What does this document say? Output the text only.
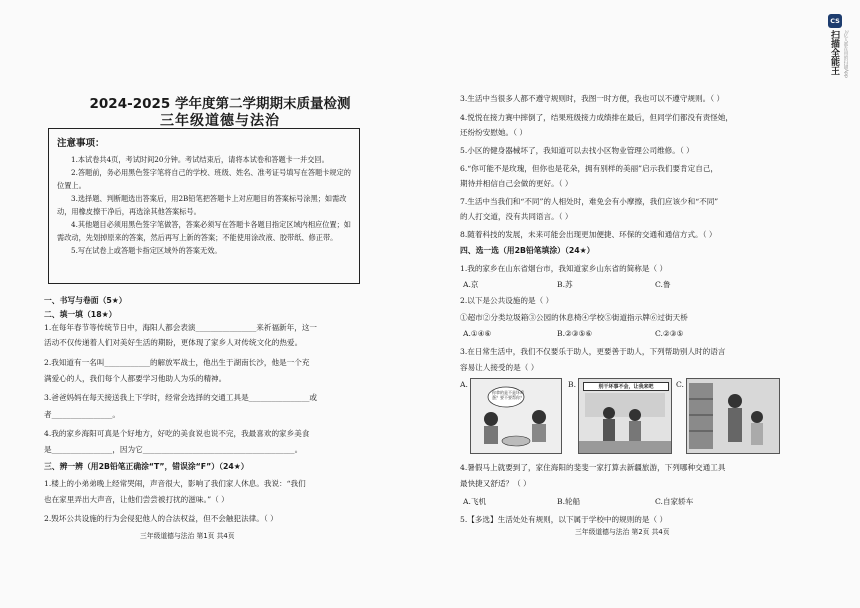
2024-2025 学年度第二学期期末质量检测
三年级道德与法治
注意事项：

1.本试卷共4页，考试时间20分钟。考试结束后，请将本试卷和答题卡一并交回。

2.答题前，务必用黑色签字笔将自己的学校、班级、姓名、准考证号填写在答题卡规定的位置上。

3.选择题、判断题选出答案后，用2B铅笔把答题卡上对应题目的答案标号涂黑；如需改动，用橡皮擦干净后，再选涂其他答案标号。

4.其他题目必须用黑色签字笔做答，答案必须写在答题卡各题目指定区域内相应位置；如需改动，先划掉原来的答案，然后再写上新的答案；不能使用涂改液、胶带纸、修正带。

5.写在试卷上或答题卡指定区域外的答案无效。

一、书写与卷面（5★）
二、填一填（18★）
1.在每年春节等传统节日中，海阳人都会表演________________来祈福新年，这一
活动不仅传递着人们对美好生活的期盼，更体现了家乡人对传统文化的热爱。
2.我知道有一名叫____________的解放军战士，他出生于湖南长沙，他是一个充
满爱心的人，我们每个人都要学习他助人为乐的精神。
3.爸爸妈妈在每天接送我上下学时，经常会选择的交通工具是________________或
者________________。
4.我的家乡海阳可真是个好地方，好吃的美食说也说不完，我最喜欢的家乡美食
是________________，因为它________________________________________。
三、辨一辨（用2B铅笔正确涂“T”，错误涂“F”）（24★）
1.楼上的小弟弟晚上经常哭闹，声音很大，影响了我们家人休息。我说：“我们
也在家里弄出大声音，让他们尝尝被打扰的滋味。”（ ）
2.毁坏公共设施的行为会侵犯他人的合法权益，但不会触犯法律。（ ）
三年级道德与法治 第1页 共4页
3.生活中当很多人都不遵守规则时，我图一时方便，我也可以不遵守规则。（ ）
4.悦悦在接力赛中摔倒了，结果班级接力成绩排在最后，但同学们都没有责怪她，
还纷纷安慰她。（ ）
5.小区的健身器械坏了，我知道可以去找小区物业管理公司维修。（ ）
6.“你可能不是玫瑰，但你也是花朵，拥有别样的美丽”启示我们要肯定自己，
期待并相信自己会做的更好。（ ）
7.生活中当我们和“不同”的人相处时，难免会有小摩擦，我们应该少和“不同”
的人打交道，没有共同语言。（ ）
8.随着科技的发展，未来可能会出现更加便捷、环保的交通和通信方式。（ ）
四、选一选（用2B铅笔填涂）（24★）
1.我的家乡在山东省烟台市，我知道家乡山东省的简称是（ ）
A.京	B.苏	C.鲁
2.以下是公共设施的是（ ）
①超市②分类垃圾箱③公园的休息椅④学校⑤街道指示牌⑥过街天桥
A.①④⑥	B.②③⑤⑥	C.②③⑤
3.在日常生活中，我们不仅要乐于助人，更要善于助人，下列帮助别人时的语言
容易让人接受的是（ ）
A.
你拿的是不是坏鸡蛋？要不要帮你？
B.	别干坏事不会，让我来吧	C.
4.暑假马上就要到了，家住海阳的斐斐一家打算去新疆旅游，下列哪种交通工具
最快捷又舒适？（ ）
A.飞机	B.轮船	C.自家轿车
5.【多选】生活处处有规则，以下属于学校中的规则的是（ ）
三年级道德与法治 第2页 共4页
CS
扫描全能王 3亿人都在用的扫描App
